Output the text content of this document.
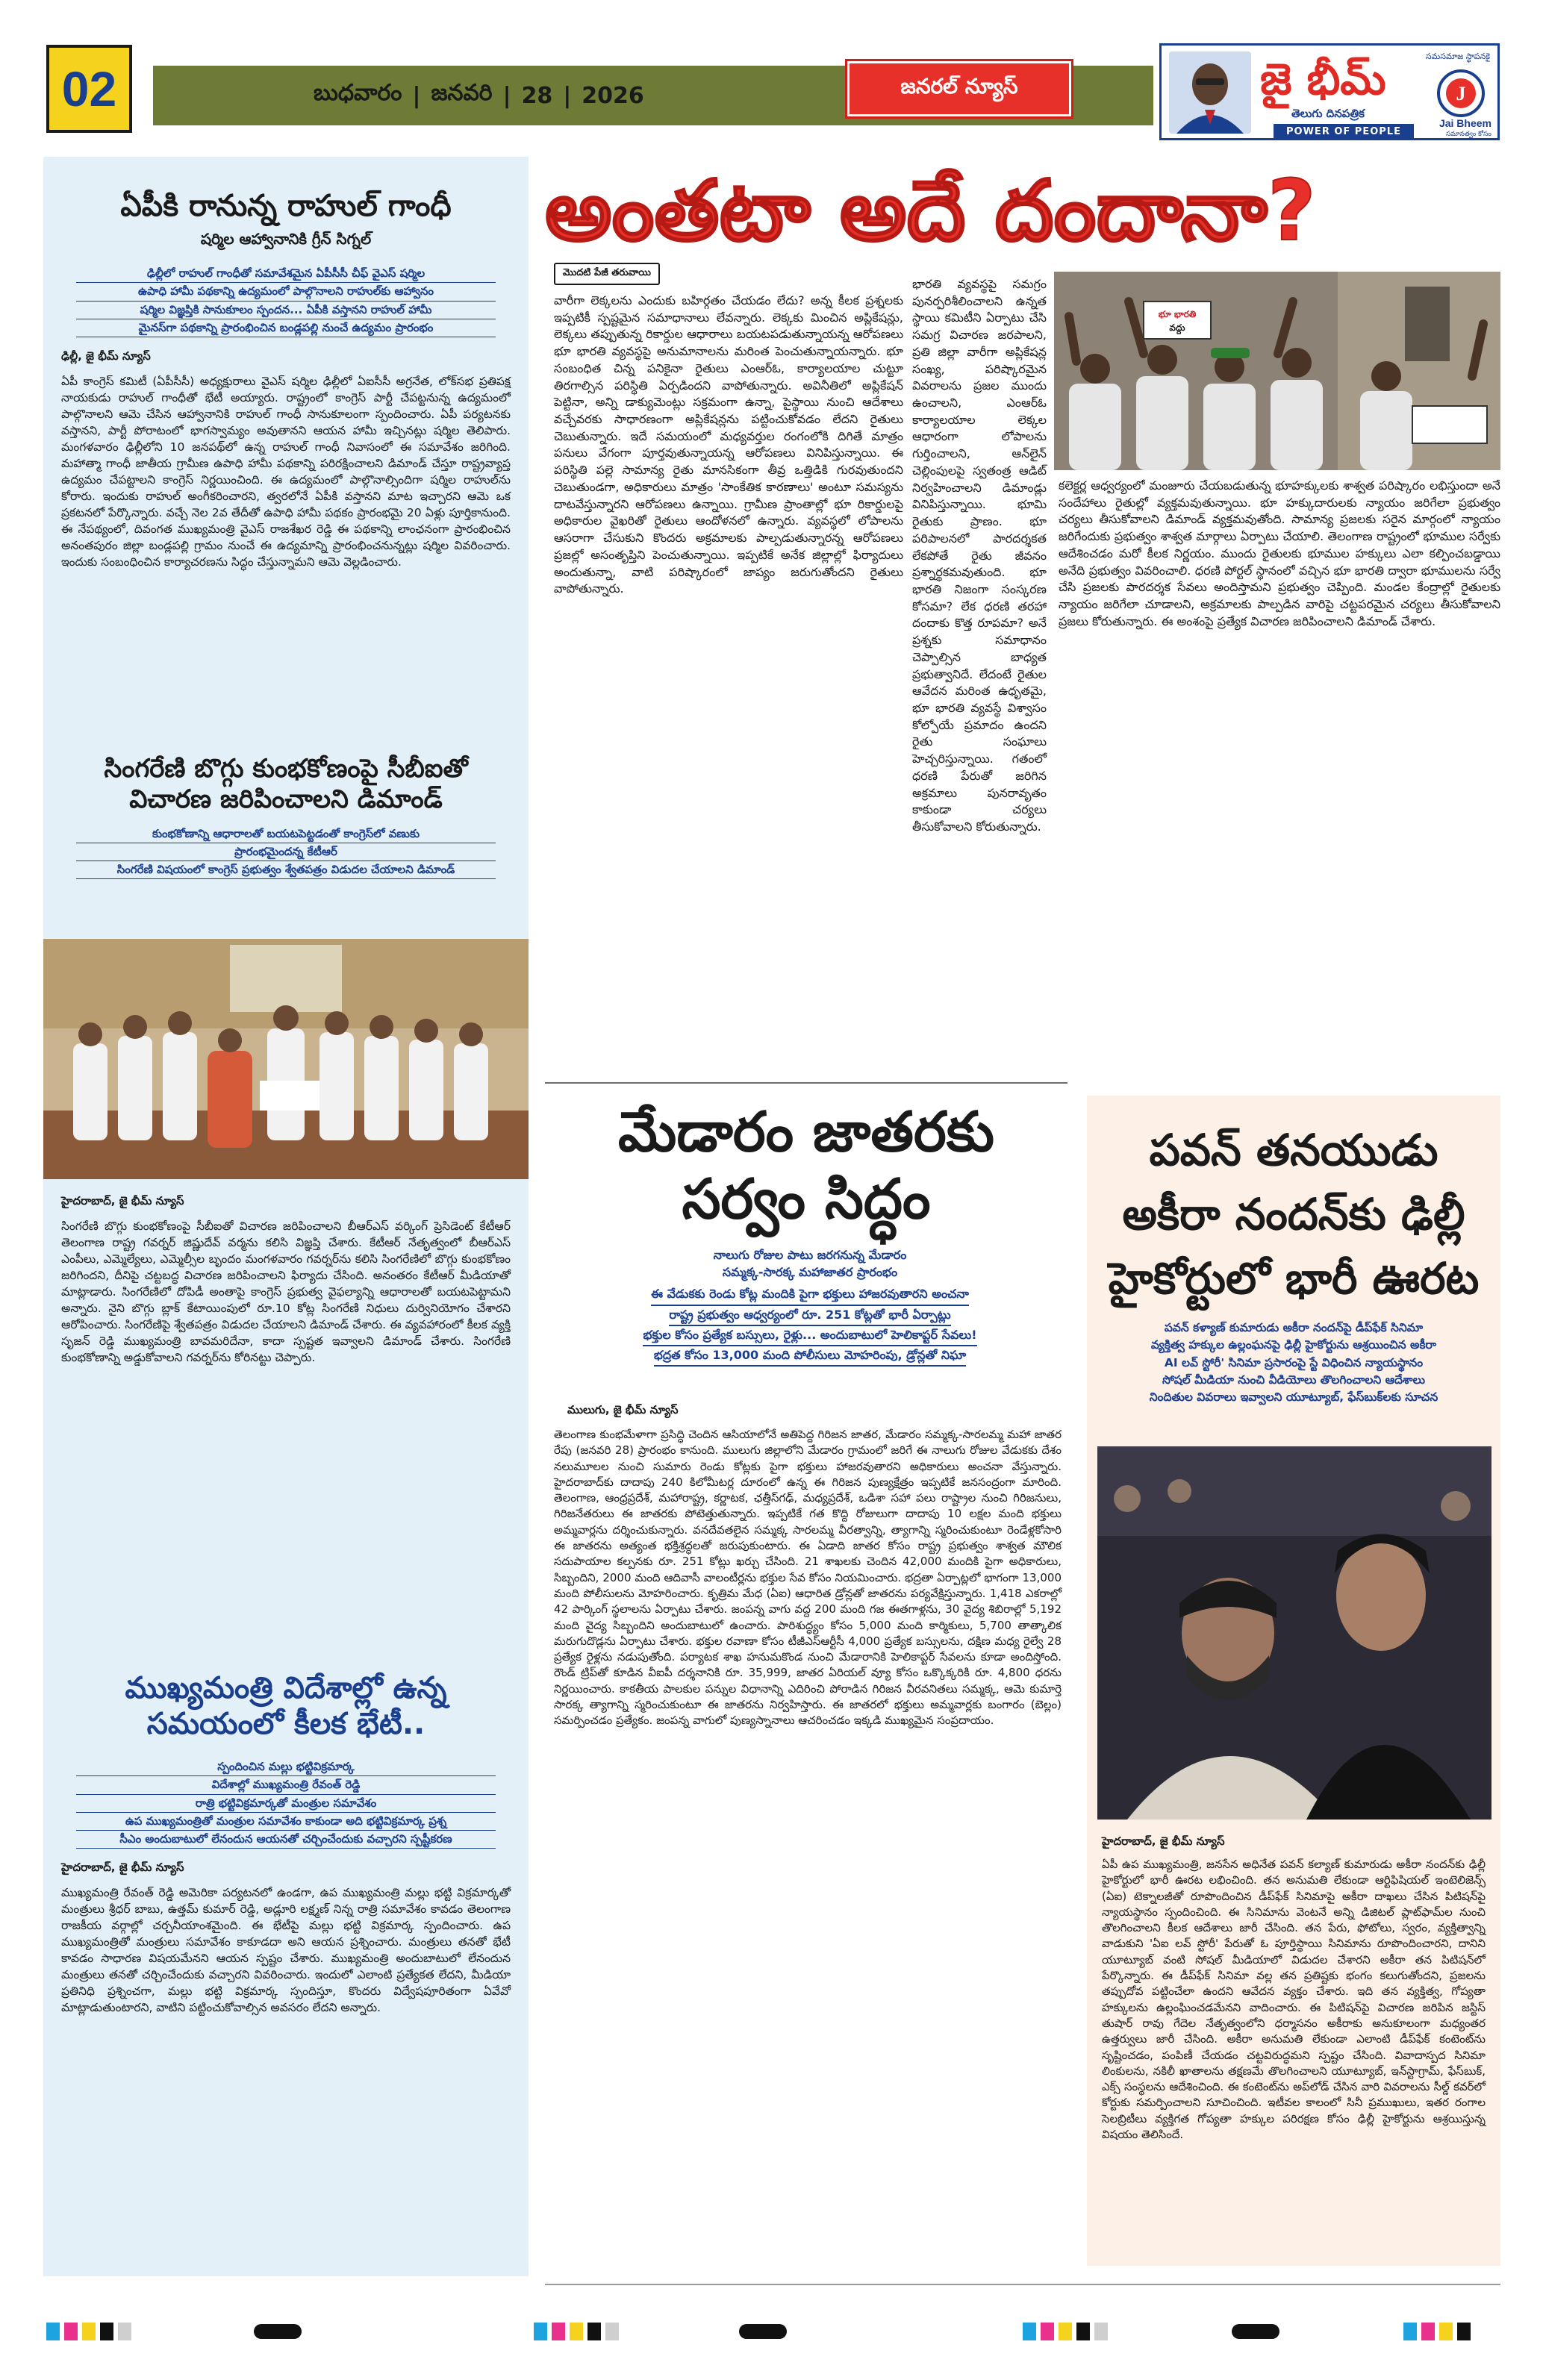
02	బుధవారం | జనవరి | 28 | 2026	జనరల్ న్యూస్	జై భీమ్
తెలుగు దినపత్రిక
POWER OF PEOPLE
సమసమాజ స్థాపనకై
J
Jai Bheem
సమానత్వం కోసం
ఏపీకి రానున్న రాహుల్ గాంధీ
షర్మిల ఆహ్వానానికి గ్రీన్ సిగ్నల్
ఢిల్లీలో రాహుల్ గాంధీతో సమావేశమైన ఏపీసీసీ చీఫ్ వైఎస్ షర్మిల
ఉపాధి హామీ పథకాన్ని ఉద్యమంలో పాల్గొనాలని రాహుల్‌కు ఆహ్వానం
షర్మిల విజ్ఞప్తికి సానుకూలం స్పందన... ఏపీకి వస్తానని రాహుల్ హామీ
మైనస్‌గా పథకాన్ని ప్రారంభించిన బండ్లపల్లి నుంచే ఉద్యమం ప్రారంభం
ఢిల్లీ, జై భీమ్ న్యూస్
ఏపీ కాంగ్రెస్ కమిటీ (ఏపీసీసీ) అధ్యక్షురాలు వైఎస్ షర్మిల ఢిల్లీలో ఏఐసీసీ అగ్రనేత, లోక్‌సభ ప్రతిపక్ష నాయకుడు రాహుల్ గాంధీతో భేటీ అయ్యారు. రాష్ట్రంలో కాంగ్రెస్ పార్టీ చేపట్టనున్న ఉద్యమంలో పాల్గొనాలని ఆమె చేసిన ఆహ్వానానికి రాహుల్ గాంధీ సానుకూలంగా స్పందించారు. ఏపీ పర్యటనకు వస్తానని, పార్టీ పోరాటంలో భాగస్వామ్యం అవుతానని ఆయన హామీ ఇచ్చినట్లు షర్మిల తెలిపారు. మంగళవారం ఢిల్లీలోని 10 జనపథ్‌లో ఉన్న రాహుల్ గాంధీ నివాసంలో ఈ సమావేశం జరిగింది. మహాత్మా గాంధీ జాతీయ గ్రామీణ ఉపాధి హామీ పథకాన్ని పరిరక్షించాలని డిమాండ్ చేస్తూ రాష్ట్రవ్యాప్త ఉద్యమం చేపట్టాలని కాంగ్రెస్ నిర్ణయించింది. ఈ ఉద్యమంలో పాల్గొనాల్సిందిగా షర్మిల రాహుల్‌ను కోరారు. ఇందుకు రాహుల్ అంగీకరించారని, త్వరలోనే ఏపీకి వస్తానని మాట ఇచ్చారని ఆమె ఒక ప్రకటనలో పేర్కొన్నారు. వచ్చే నెల 2వ తేదీతో ఉపాధి హామీ పథకం ప్రారంభమై 20 ఏళ్లు పూర్తికానుంది. ఈ నేపథ్యంలో, దివంగత ముఖ్యమంత్రి వైఎస్ రాజశేఖర రెడ్డి ఈ పథకాన్ని లాంఛనంగా ప్రారంభించిన అనంతపురం జిల్లా బండ్లపల్లి గ్రామం నుంచే ఈ ఉద్యమాన్ని ప్రారంభించనున్నట్లు షర్మిల వివరించారు. ఇందుకు సంబంధించిన కార్యాచరణను సిద్ధం చేస్తున్నామని ఆమె వెల్లడించారు.
సింగరేణి బొగ్గు కుంభకోణంపై సీబీఐతో విచారణ జరిపించాలని డిమాండ్
కుంభకోణాన్ని ఆధారాలతో బయటపెట్టడంతో కాంగ్రెస్‌లో వణుకు
ప్రారంభమైందన్న కేటీఆర్
సింగరేణి విషయంలో కాంగ్రెస్ ప్రభుత్వం శ్వేతపత్రం విడుదల చేయాలని డిమాండ్
హైదరాబాద్, జై భీమ్ న్యూస్
సింగరేణి బొగ్గు కుంభకోణంపై సీబీఐతో విచారణ జరిపించాలని బీఆర్ఎస్ వర్కింగ్ ప్రెసిడెంట్ కేటీఆర్ తెలంగాణ రాష్ట్ర గవర్నర్ జిష్ణుదేవ్ వర్మను కలిసి విజ్ఞప్తి చేశారు. కేటీఆర్ నేతృత్వంలో బీఆర్ఎస్ ఎంపీలు, ఎమ్మెల్యేలు, ఎమ్మెల్సీల బృందం మంగళవారం గవర్నర్‌ను కలిసి సింగరేణిలో బొగ్గు కుంభకోణం జరిగిందని, దీనిపై చట్టబద్ధ విచారణ జరిపించాలని ఫిర్యాదు చేసింది. అనంతరం కేటీఆర్ మీడియాతో మాట్లాడారు. సింగరేణిలో దోపిడీ అంతాపై కాంగ్రెస్ ప్రభుత్వ వైఫల్యాన్ని ఆధారాలతో బయటపెట్టామని అన్నారు. నైని బొగ్గు బ్లాక్ కేటాయింపులో రూ.10 కోట్ల సింగరేణి నిధులు దుర్వినియోగం చేశారని ఆరోపించారు. సింగరేణిపై శ్వేతపత్రం విడుదల చేయాలని డిమాండ్ చేశారు. ఈ వ్యవహారంలో కీలక వ్యక్తి సృజన్ రెడ్డి ముఖ్యమంత్రి బావమరిదేనా, కాదా స్పష్టత ఇవ్వాలని డిమాండ్ చేశారు. సింగరేణి కుంభకోణాన్ని అడ్డుకోవాలని గవర్నర్‌ను కోరినట్టు చెప్పారు.
ముఖ్యమంత్రి విదేశాల్లో ఉన్న సమయంలో కీలక భేటీ..
స్పందించిన మల్లు భట్టివిక్రమార్క
విదేశాల్లో ముఖ్యమంత్రి రేవంత్ రెడ్డి
రాత్రి భట్టివిక్రమార్కతో మంత్రుల సమావేశం
ఉప ముఖ్యమంత్రితో మంత్రుల సమావేశం కాకుండా అది భట్టివిక్రమార్క ప్రశ్న
సీఎం అందుబాటులో లేనందున ఆయనతో చర్చించేందుకు వచ్చారని స్పష్టీకరణ
హైదరాబాద్, జై భీమ్ న్యూస్
ముఖ్యమంత్రి రేవంత్ రెడ్డి అమెరికా పర్యటనలో ఉండగా, ఉప ముఖ్యమంత్రి మల్లు భట్టి విక్రమార్కతో మంత్రులు శ్రీధర్ బాబు, ఉత్తమ్ కుమార్ రెడ్డి, అడ్లూరి లక్ష్మణ్ నిన్న రాత్రి సమావేశం కావడం తెలంగాణ రాజకీయ వర్గాల్లో చర్చనీయాంశమైంది. ఈ భేటీపై మల్లు భట్టి విక్రమార్క స్పందించారు. ఉప ముఖ్యమంత్రితో మంత్రులు సమావేశం కాకూడదా అని ఆయన ప్రశ్నించారు. మంత్రులు తనతో భేటీ కావడం సాధారణ విషయమేనని ఆయన స్పష్టం చేశారు. ముఖ్యమంత్రి అందుబాటులో లేనందున మంత్రులు తనతో చర్చించేందుకు వచ్చారని వివరించారు. ఇందులో ఎలాంటి ప్రత్యేకత లేదని, మీడియా ప్రతినిధి ప్రశ్నించగా, మల్లు భట్టి విక్రమార్క స్పందిస్తూ, కొందరు విద్వేషపూరితంగా ఏవేవో మాట్లాడుతుంటారని, వాటిని పట్టించుకోవాల్సిన అవసరం లేదని అన్నారు.
అంతటా అదే దందానా?
మొదటి పేజీ తరువాయి
వారీగా లెక్కలను ఎందుకు బహిర్గతం చేయడం లేదు? అన్న కీలక ప్రశ్నలకు ఇప్పటికీ స్పష్టమైన సమాధానాలు లేవన్నారు. లెక్కకు మించిన అప్లికేషన్లు, లెక్కలు తప్పుతున్న రికార్డుల ఆధారాలు బయటపడుతున్నాయన్న ఆరోపణలు భూ భారతి వ్యవస్థపై అనుమానాలను మరింత పెంచుతున్నాయన్నారు. భూ సంబంధిత చిన్న పనికైనా రైతులు ఎంఆర్‌ఓ, కార్యాలయాల చుట్టూ తిరగాల్సిన పరిస్థితి ఏర్పడిందని వాపోతున్నారు. అవినీతిలో అప్లికేషన్ పెట్టినా, అన్ని డాక్యుమెంట్లు సక్రమంగా ఉన్నా, పైస్థాయి నుంచి ఆదేశాలు వచ్చేవరకు సాధారణంగా అప్లికేషన్లను పట్టించుకోవడం లేదని రైతులు చెబుతున్నారు. ఇదే సమయంలో మధ్యవర్తుల రంగంలోకి దిగితే మాత్రం పనులు వేగంగా పూర్తవుతున్నాయన్న ఆరోపణలు వినిపిస్తున్నాయి. ఈ పరిస్థితి పల్లె సామాన్య రైతు మానసికంగా తీవ్ర ఒత్తిడికి గురవుతుందని చెబుతుండగా, అధికారులు మాత్రం 'సాంకేతిక కారణాలు' అంటూ సమస్యను దాటవేస్తున్నారని ఆరోపణలు ఉన్నాయి. గ్రామీణ ప్రాంతాల్లో భూ రికార్డులపై అధికారుల వైఖరితో రైతులు ఆందోళనలో ఉన్నారు. వ్యవస్థలో లోపాలను ఆసరాగా చేసుకుని కొందరు అక్రమాలకు పాల్పడుతున్నారన్న ఆరోపణలు ప్రజల్లో అసంతృప్తిని పెంచుతున్నాయి. ఇప్పటికే అనేక జిల్లాల్లో ఫిర్యాదులు అందుతున్నా, వాటి పరిష్కారంలో జాప్యం జరుగుతోందని రైతులు వాపోతున్నారు.
భారతి వ్యవస్థపై సమగ్రం పునర్పరిశీలించాలని ఉన్నత స్థాయి కమిటీని ఏర్పాటు చేసి సమగ్ర విచారణ జరపాలని, ప్రతి జిల్లా వారీగా అప్లికేషన్ల సంఖ్య, పరిష్కారమైన వివరాలను ప్రజల ముందు ఉంచాలని, ఎంఆర్‌ఓ కార్యాలయాల లెక్కల ఆధారంగా లోపాలను గుర్తించాలని, ఆన్‌లైన్ చెల్లింపులపై స్వతంత్ర ఆడిట్ నిర్వహించాలని డిమాండ్లు వినిపిస్తున్నాయి. భూమి రైతుకు ప్రాణం. భూ పరిపాలనలో పారదర్శకత లేకపోతే రైతు జీవనం ప్రశ్నార్థకమవుతుంది. భూ భారతి నిజంగా సంస్కరణ కోసమా? లేక ధరణి తరహా దందాకు కొత్త రూపమా? అనే ప్రశ్నకు సమాధానం చెప్పాల్సిన బాధ్యత ప్రభుత్వానిదే. లేదంటే రైతుల ఆవేదన మరింత ఉధృతమై, భూ భారతి వ్యవస్థే విశ్వాసం కోల్పోయే ప్రమాదం ఉందని రైతు సంఘాలు హెచ్చరిస్తున్నాయి. గతంలో ధరణి పేరుతో జరిగిన అక్రమాలు పునరావృతం కాకుండా చర్యలు తీసుకోవాలని కోరుతున్నారు.
భూ భారతి
వద్దు
కలెక్టర్ల ఆధ్వర్యంలో మంజూరు చేయబడుతున్న భూహక్కులకు శాశ్వత పరిష్కారం లభిస్తుందా అనే సందేహాలు రైతుల్లో వ్యక్తమవుతున్నాయి. భూ హక్కుదారులకు న్యాయం జరిగేలా ప్రభుత్వం చర్యలు తీసుకోవాలని డిమాండ్ వ్యక్తమవుతోంది. సామాన్య ప్రజలకు సరైన మార్గంలో న్యాయం జరిగేందుకు ప్రభుత్వం శాశ్వత మార్గాలు ఏర్పాటు చేయాలి. తెలంగాణ రాష్ట్రంలో భూముల సర్వేకు ఆదేశించడం మరో కీలక నిర్ణయం. ముందు రైతులకు భూముల హక్కులు ఎలా కల్పించబడ్డాయి అనేది ప్రభుత్వం వివరించాలి. ధరణి పోర్టల్ స్థానంలో వచ్చిన భూ భారతి ద్వారా భూములను సర్వే చేసి ప్రజలకు పారదర్శక సేవలు అందిస్తామని ప్రభుత్వం చెప్పింది. మండల కేంద్రాల్లో రైతులకు న్యాయం జరిగేలా చూడాలని, అక్రమాలకు పాల్పడిన వారిపై చట్టపరమైన చర్యలు తీసుకోవాలని ప్రజలు కోరుతున్నారు. ఈ అంశంపై ప్రత్యేక విచారణ జరిపించాలని డిమాండ్ చేశారు.
మేడారం జాతరకు సర్వం సిద్ధం
నాలుగు రోజుల పాటు జరగనున్న మేడారం
సమ్మక్క-సారక్క మహాజాతర ప్రారంభం
ఈ వేడుకకు రెండు కోట్ల మందికి పైగా భక్తులు హాజరవుతారని అంచనా
రాష్ట్ర ప్రభుత్వం ఆధ్వర్యంలో రూ. 251 కోట్లతో భారీ ఏర్పాట్లు
భక్తుల కోసం ప్రత్యేక బస్సులు, రైళ్లు... అందుబాటులో హెలికాప్టర్ సేవలు!
భద్రత కోసం 13,000 మంది పోలీసులు మోహరింపు, డ్రోన్లతో నిఘా
ములుగు, జై భీమ్ న్యూస్
తెలంగాణ కుంభమేళాగా ప్రసిద్ధి చెందిన ఆసియాలోనే అతిపెద్ద గిరిజన జాతర, మేడారం సమ్మక్క-సారలమ్మ మహా జాతర రేపు (జనవరి 28) ప్రారంభం కానుంది. ములుగు జిల్లాలోని మేడారం గ్రామంలో జరిగే ఈ నాలుగు రోజుల వేడుకకు దేశం నలుమూలల నుంచి సుమారు రెండు కోట్లకు పైగా భక్తులు హాజరవుతారని అధికారులు అంచనా వేస్తున్నారు. హైదరాబాద్‌కు దాదాపు 240 కిలోమీటర్ల దూరంలో ఉన్న ఈ గిరిజన పుణ్యక్షేత్రం ఇప్పటికే జనసంద్రంగా మారింది. తెలంగాణ, ఆంధ్రప్రదేశ్, మహారాష్ట్ర, కర్ణాటక, ఛత్తీస్‌గఢ్, మధ్యప్రదేశ్, ఒడిశా సహా పలు రాష్ట్రాల నుంచి గిరిజనులు, గిరిజనేతరులు ఈ జాతరకు పోటెత్తుతున్నారు. ఇప్పటికే గత కొద్ది రోజులుగా దాదాపు 10 లక్షల మంది భక్తులు అమ్మవార్లను దర్శించుకున్నారు. వనదేవతలైన సమ్మక్క సారలమ్మ వీరత్వాన్ని, త్యాగాన్ని స్మరించుకుంటూ రెండేళ్లకోసారి ఈ జాతరను అత్యంత భక్తిశ్రద్ధలతో జరుపుకుంటారు. ఈ ఏడాది జాతర కోసం రాష్ట్ర ప్రభుత్వం శాశ్వత మౌలిక సదుపాయాల కల్పనకు రూ. 251 కోట్లు ఖర్చు చేసింది. 21 శాఖలకు చెందిన 42,000 మందికి పైగా అధికారులు, సిబ్బందిని, 2000 మంది ఆదివాసీ వాలంటీర్లను భక్తుల సేవ కోసం నియమించారు. భద్రతా ఏర్పాట్లలో భాగంగా 13,000 మంది పోలీసులను మోహరించారు. కృత్రిమ మేధ (ఏఐ) ఆధారిత డ్రోన్లతో జాతరను పర్యవేక్షిస్తున్నారు. 1,418 ఎకరాల్లో 42 పార్కింగ్ స్థలాలను ఏర్పాటు చేశారు. జంపన్న వాగు వద్ద 200 మంది గజ ఈతగాళ్లను, 30 వైద్య శిబిరాల్లో 5,192 మంది వైద్య సిబ్బందిని అందుబాటులో ఉంచారు. పారిశుద్ధ్యం కోసం 5,000 మంది కార్మికులు, 5,700 తాత్కాలిక మరుగుదొడ్లను ఏర్పాటు చేశారు. భక్తుల రవాణా కోసం టీజీఎస్‌ఆర్టీసీ 4,000 ప్రత్యేక బస్సులను, దక్షిణ మధ్య రైల్వే 28 ప్రత్యేక రైళ్లను నడుపుతోంది. పర్యాటక శాఖ హనుమకొండ నుంచి మేడారానికి హెలికాప్టర్ సేవలను కూడా అందిస్తోంది. రౌండ్ ట్రిప్‌తో కూడిన వీఐపీ దర్శనానికి రూ. 35,999, జాతర ఏరియల్ వ్యూ కోసం ఒక్కొక్కరికి రూ. 4,800 ధరను నిర్ణయించారు. కాకతీయ పాలకుల పన్నుల విధానాన్ని ఎదిరించి పోరాడిన గిరిజన వీరవనితలు సమ్మక్క, ఆమె కుమార్తె సారక్క త్యాగాన్ని స్మరించుకుంటూ ఈ జాతరను నిర్వహిస్తారు. ఈ జాతరలో భక్తులు అమ్మవార్లకు బంగారం (బెల్లం) సమర్పించడం ప్రత్యేకం. జంపన్న వాగులో పుణ్యస్నానాలు ఆచరించడం ఇక్కడి ముఖ్యమైన సంప్రదాయం.
పవన్ తనయుడు అకీరా నందన్‌కు ఢిల్లీ హైకోర్టులో భారీ ఊరట
పవన్ కళ్యాణ్ కుమారుడు అకీరా నందన్‌పై డీప్‌ఫేక్ సినిమా
వ్యక్తిత్వ హక్కుల ఉల్లంఘనపై ఢిల్లీ హైకోర్టును ఆశ్రయించిన అకీరా
AI లవ్ స్టోరీ' సినిమా ప్రసారంపై స్టే విధించిన న్యాయస్థానం
సోషల్ మీడియా నుంచి వీడియోలు తొలగించాలని ఆదేశాలు
నిందితుల వివరాలు ఇవ్వాలని యూట్యూబ్, ఫేస్‌బుక్‌లకు సూచన
హైదరాబాద్, జై భీమ్ న్యూస్
ఏపీ ఉప ముఖ్యమంత్రి, జనసేన అధినేత పవన్ కల్యాణ్ కుమారుడు అకీరా నందన్‌కు ఢిల్లీ హైకోర్టులో భారీ ఊరట లభించింది. తన అనుమతి లేకుండా ఆర్టిఫిషియల్ ఇంటెలిజెన్స్ (ఏఐ) టెక్నాలజీతో రూపొందించిన డీప్‌ఫేక్ సినిమాపై అకీరా దాఖలు చేసిన పిటిషన్‌పై న్యాయస్థానం స్పందించింది. ఈ సినిమాను వెంటనే అన్ని డిజిటల్ ప్లాట్‌ఫామ్‌ల నుంచి తొలగించాలని కీలక ఆదేశాలు జారీ చేసింది. తన పేరు, ఫోటోలు, స్వరం, వ్యక్తిత్వాన్ని వాడుకుని 'ఏఐ లవ్ స్టోరీ' పేరుతో ఓ పూర్తిస్థాయి సినిమాను రూపొందించారని, దానిని యూట్యూబ్ వంటి సోషల్ మీడియాలో విడుదల చేశారని అకీరా తన పిటిషన్‌లో పేర్కొన్నారు. ఈ డీప్‌ఫేక్ సినిమా వల్ల తన ప్రతిష్టకు భంగం కలుగుతోందని, ప్రజలను తప్పుదోవ పట్టించేలా ఉందని ఆవేదన వ్యక్తం చేశారు. ఇది తన వ్యక్తిత్వ, గోప్యతా హక్కులను ఉల్లంఘించడమేనని వాదించారు. ఈ పిటిషన్‌పై విచారణ జరిపిన జస్టిస్ తుషార్ రావు గేదెల నేతృత్వంలోని ధర్మాసనం అకీరాకు అనుకూలంగా మధ్యంతర ఉత్తర్వులు జారీ చేసింది. అకీరా అనుమతి లేకుండా ఎలాంటి డీప్‌ఫేక్ కంటెంట్‌ను సృష్టించడం, పంపిణీ చేయడం చట్టవిరుద్ధమని స్పష్టం చేసింది. వివాదాస్పద సినిమా లింకులను, నకిలీ ఖాతాలను తక్షణమే తొలగించాలని యూట్యూబ్, ఇన్‌స్టాగ్రామ్, ఫేస్‌బుక్, ఎక్స్ సంస్థలను ఆదేశించింది. ఈ కంటెంట్‌ను అప్‌లోడ్ చేసిన వారి వివరాలను సీల్డ్ కవర్‌లో కోర్టుకు సమర్పించాలని సూచించింది. ఇటీవల కాలంలో సినీ ప్రముఖులు, ఇతర రంగాల సెలబ్రిటీలు వ్యక్తిగత గోప్యతా హక్కుల పరిరక్షణ కోసం ఢిల్లీ హైకోర్టును ఆశ్రయిస్తున్న విషయం తెలిసిందే.
